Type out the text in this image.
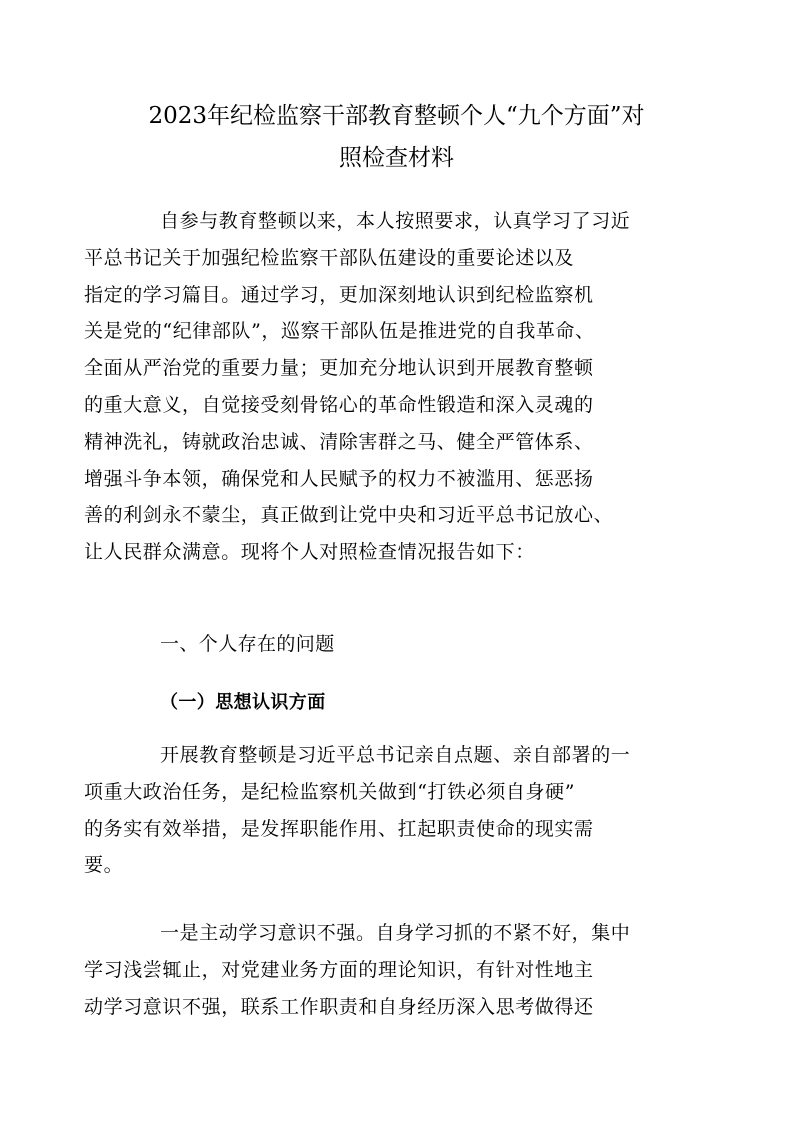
2023年纪检监察干部教育整顿个人“九个方面”对
照检查材料

自参与教育整顿以来，本人按照要求，认真学习了习近
平总书记关于加强纪检监察干部队伍建设的重要论述以及
指定的学习篇目。通过学习，更加深刻地认识到纪检监察机
关是党的“纪律部队”，巡察干部队伍是推进党的自我革命、
全面从严治党的重要力量；更加充分地认识到开展教育整顿
的重大意义，自觉接受刻骨铭心的革命性锻造和深入灵魂的
精神洗礼，铸就政治忠诚、清除害群之马、健全严管体系、
增强斗争本领，确保党和人民赋予的权力不被滥用、惩恶扬
善的利剑永不蒙尘，真正做到让党中央和习近平总书记放心、
让人民群众满意。现将个人对照检查情况报告如下：

一、个人存在的问题
（一）思想认识方面

开展教育整顿是习近平总书记亲自点题、亲自部署的一
项重大政治任务，是纪检监察机关做到“打铁必须自身硬”
的务实有效举措，是发挥职能作用、扛起职责使命的现实需
要。

一是主动学习意识不强。自身学习抓的不紧不好，集中
学习浅尝辄止，对党建业务方面的理论知识，有针对性地主
动学习意识不强，联系工作职责和自身经历深入思考做得还
